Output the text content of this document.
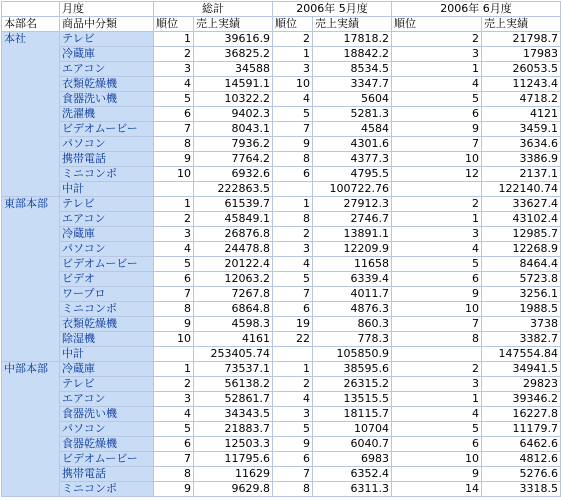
	月度	総計		2006年 5月度		2006年 6月度	
本部名	商品中分類	順位	売上実績	順位	売上実績	順位	売上実績
本社	テレビ	1	39616.9	2	17818.2	2	21798.7
	冷蔵庫	2	36825.2	1	18842.2	3	17983
	エアコン	3	34588	3	8534.5	1	26053.5
	衣類乾燥機	4	14591.1	10	3347.7	4	11243.4
	食器洗い機	5	10322.2	4	5604	5	4718.2
	洗濯機	6	9402.3	5	5281.3	6	4121
	ビデオムービー	7	8043.1	7	4584	9	3459.1
	パソコン	8	7936.2	9	4301.6	7	3634.6
	携帯電話	9	7764.2	8	4377.3	10	3386.9
	ミニコンポ	10	6932.6	6	4795.5	12	2137.1
	中計		222863.5		100722.76		122140.74
東部本部	テレビ	1	61539.7	1	27912.3	2	33627.4
	エアコン	2	45849.1	8	2746.7	1	43102.4
	冷蔵庫	3	26876.8	2	13891.1	3	12985.7
	パソコン	4	24478.8	3	12209.9	4	12268.9
	ビデオムービー	5	20122.4	4	11658	5	8464.4
	ビデオ	6	12063.2	5	6339.4	6	5723.8
	ワープロ	7	7267.8	7	4011.7	9	3256.1
	ミニコンポ	8	6864.8	6	4876.3	10	1988.5
	衣類乾燥機	9	4598.3	19	860.3	7	3738
	除湿機	10	4161	22	778.3	8	3382.7
	中計		253405.74		105850.9		147554.84
中部本部	冷蔵庫	1	73537.1	1	38595.6	2	34941.5
	テレビ	2	56138.2	2	26315.2	3	29823
	エアコン	3	52861.7	4	13515.5	1	39346.2
	食器洗い機	4	34343.5	3	18115.7	4	16227.8
	パソコン	5	21883.7	5	10704	5	11179.7
	食器乾燥機	6	12503.3	9	6040.7	6	6462.6
	ビデオムービー	7	11795.6	6	6983	10	4812.6
	携帯電話	8	11629	7	6352.4	9	5276.6
	ミニコンポ	9	9629.8	8	6311.3	14	3318.5
